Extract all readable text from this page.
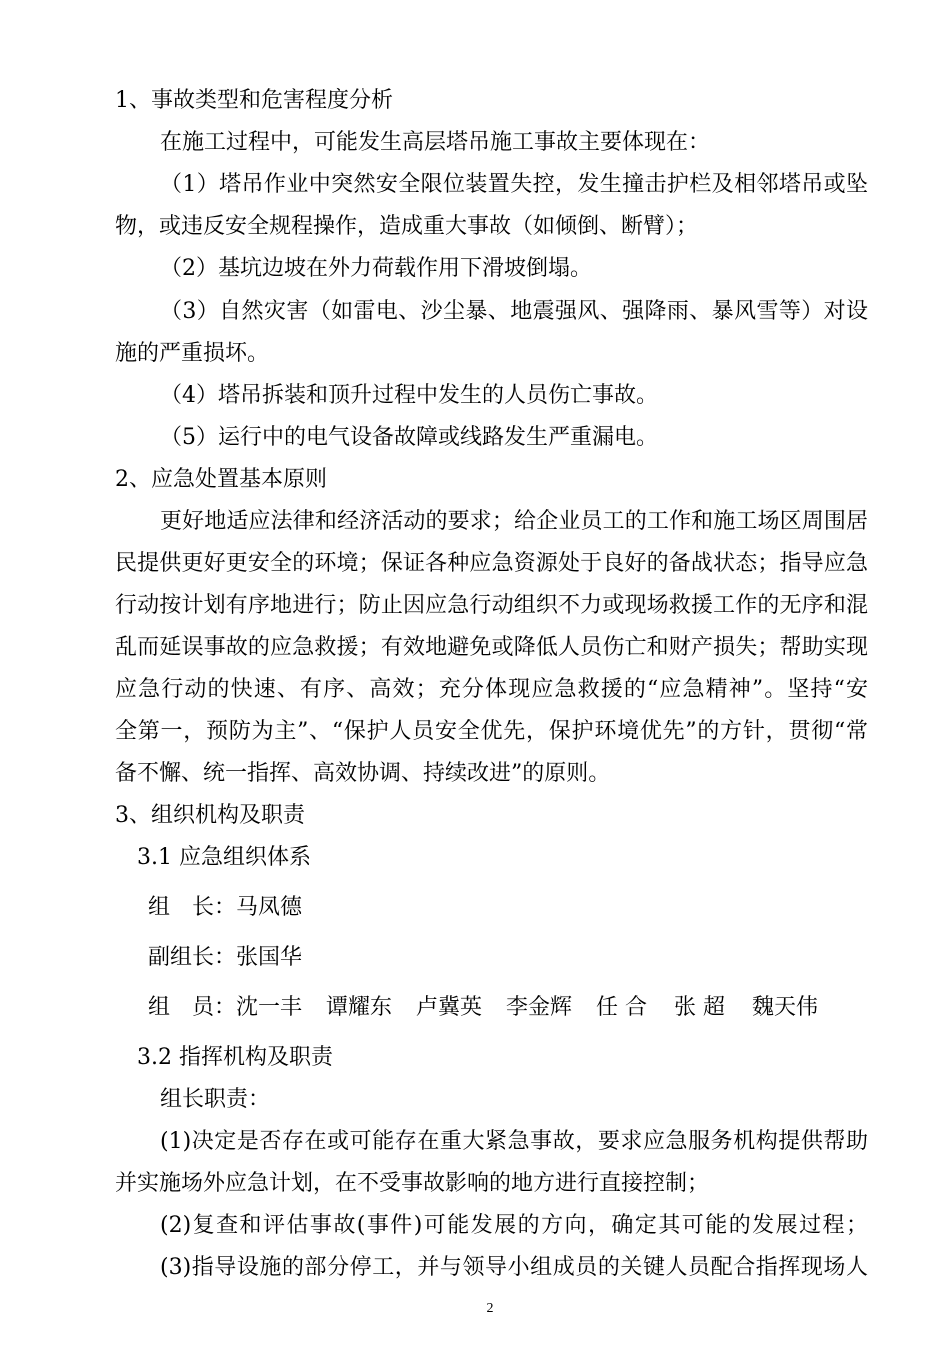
1、事故类型和危害程度分析
在施工过程中，可能发生高层塔吊施工事故主要体现在：
（1）塔吊作业中突然安全限位装置失控，发生撞击护栏及相邻塔吊或坠
物，或违反安全规程操作，造成重大事故（如倾倒、断臂）；
（2）基坑边坡在外力荷载作用下滑坡倒塌。
（3）自然灾害（如雷电、沙尘暴、地震强风、强降雨、暴风雪等）对设
施的严重损坏。
（4）塔吊拆装和顶升过程中发生的人员伤亡事故。
（5）运行中的电气设备故障或线路发生严重漏电。
2、应急处置基本原则
更好地适应法律和经济活动的要求；给企业员工的工作和施工场区周围居
民提供更好更安全的环境；保证各种应急资源处于良好的备战状态；指导应急
行动按计划有序地进行；防止因应急行动组织不力或现场救援工作的无序和混
乱而延误事故的应急救援；有效地避免或降低人员伤亡和财产损失；帮助实现
应急行动的快速、有序、高效；充分体现应急救援的“应急精神”。坚持“安
全第一，预防为主”、“保护人员安全优先，保护环境优先”的方针，贯彻“常
备不懈、统一指挥、高效协调、持续改进”的原则。
3、组织机构及职责
3.1 应急组织体系
组　长：马凤德
副组长：张国华
组　员： 沈一丰 谭耀东 卢冀英 李金辉 任 合 张 超 魏天伟
3.2 指挥机构及职责
组长职责：
(1)决定是否存在或可能存在重大紧急事故，要求应急服务机构提供帮助
并实施场外应急计划，在不受事故影响的地方进行直接控制；
(2)复查和评估事故(事件)可能发展的方向，确定其可能的发展过程；
(3)指导设施的部分停工，并与领导小组成员的关键人员配合指挥现场人
2
